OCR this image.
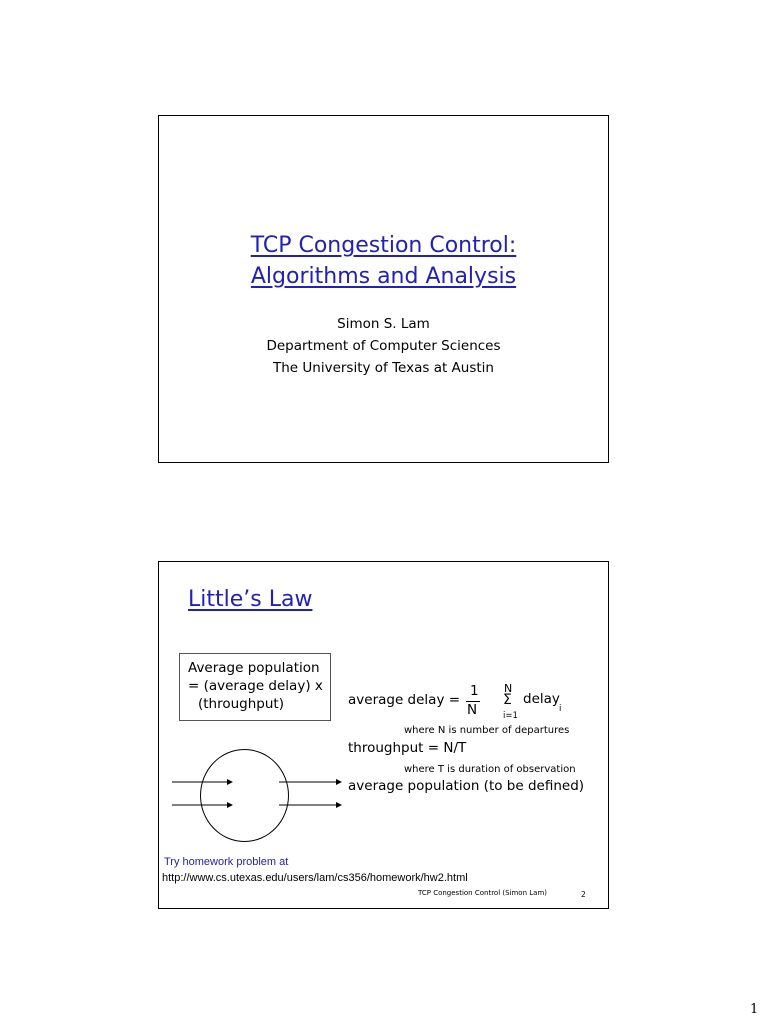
TCP Congestion Control:
Algorithms and Analysis
Simon S. Lam
Department of Computer Sciences
The University of Texas at Austin
Little’s Law
Average population
= (average delay) x
(throughput)	average delay =
1
N
N
Σ
i=1
delay
i
where N is number of departures
throughput = N/T
where T is duration of observation
average population (to be defined)
Try homework problem at
http://www.cs.utexas.edu/users/lam/cs356/homework/hw2.html
TCP Congestion Control (Simon Lam)	2
1
